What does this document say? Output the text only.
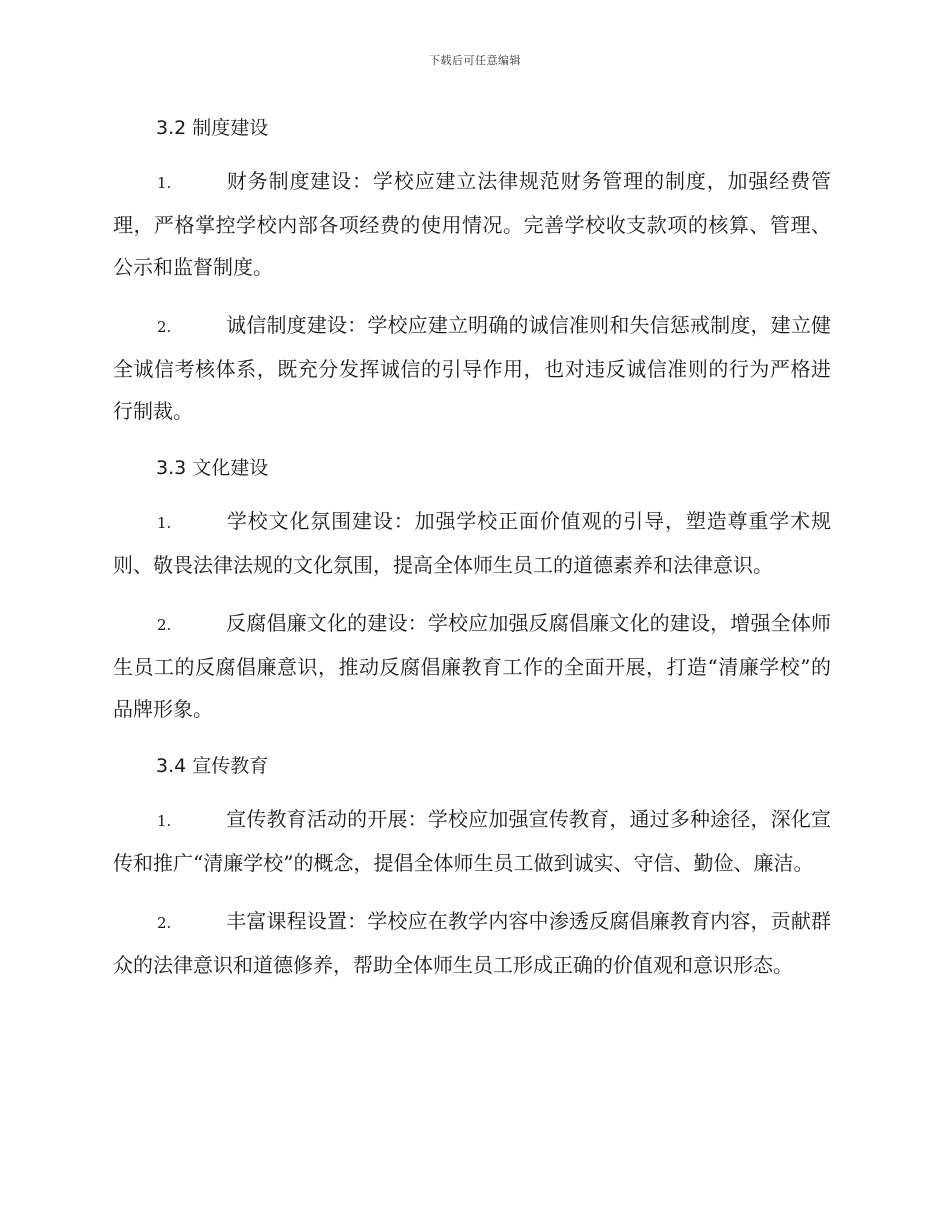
下载后可任意编辑
3.2 制度建设

1.	财务制度建设：学校应建立法律规范财务管理的制度，加强经费管理，严格掌控学校内部各项经费的使用情况。完善学校收支款项的核算、管理、公示和监督制度。

2.	诚信制度建设：学校应建立明确的诚信准则和失信惩戒制度，建立健全诚信考核体系，既充分发挥诚信的引导作用，也对违反诚信准则的行为严格进行制裁。

3.3 文化建设

1.	学校文化氛围建设：加强学校正面价值观的引导，塑造尊重学术规则、敬畏法律法规的文化氛围，提高全体师生员工的道德素养和法律意识。

2.	反腐倡廉文化的建设：学校应加强反腐倡廉文化的建设，增强全体师生员工的反腐倡廉意识，推动反腐倡廉教育工作的全面开展，打造“清廉学校”的品牌形象。

3.4 宣传教育

1.	宣传教育活动的开展：学校应加强宣传教育，通过多种途径，深化宣传和推广“清廉学校”的概念，提倡全体师生员工做到诚实、守信、勤俭、廉洁。

2.	丰富课程设置：学校应在教学内容中渗透反腐倡廉教育内容，贡献群众的法律意识和道德修养，帮助全体师生员工形成正确的价值观和意识形态。
